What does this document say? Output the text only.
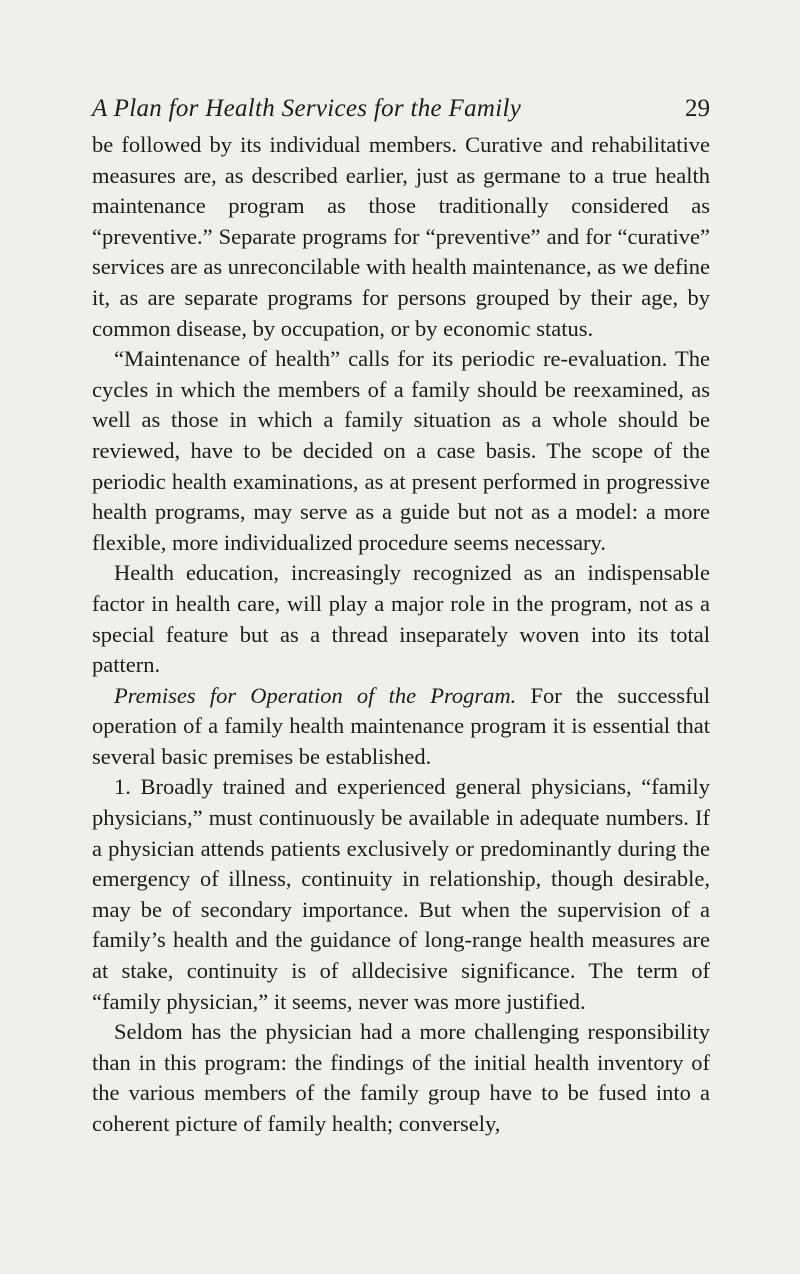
A Plan for Health Services for the Family	29

be followed by its individual members. Curative and rehabilitative measures are, as described earlier, just as germane to a true health maintenance program as those traditionally considered as “preventive.” Separate programs for “preventive” and for “curative” services are as unreconcilable with health maintenance, as we define it, as are separate programs for persons grouped by their age, by common disease, by occupation, or by economic status.

“Maintenance of health” calls for its periodic re-evaluation. The cycles in which the members of a family should be reexamined, as well as those in which a family situation as a whole should be reviewed, have to be decided on a case basis. The scope of the periodic health examinations, as at present performed in progressive health programs, may serve as a guide but not as a model: a more flexible, more individualized procedure seems necessary.

Health education, increasingly recognized as an indispensable factor in health care, will play a major role in the program, not as a special feature but as a thread inseparately woven into its total pattern.

Premises for Operation of the Program. For the successful operation of a family health maintenance program it is essential that several basic premises be established.

1. Broadly trained and experienced general physicians, “family physicians,” must continuously be available in adequate numbers. If a physician attends patients exclusively or predominantly during the emergency of illness, continuity in relationship, though desirable, may be of secondary importance. But when the supervision of a family’s health and the guidance of long-range health measures are at stake, continuity is of alldecisive significance. The term of “family physician,” it seems, never was more justified.

Seldom has the physician had a more challenging responsibility than in this program: the findings of the initial health inventory of the various members of the family group have to be fused into a coherent picture of family health; conversely,
